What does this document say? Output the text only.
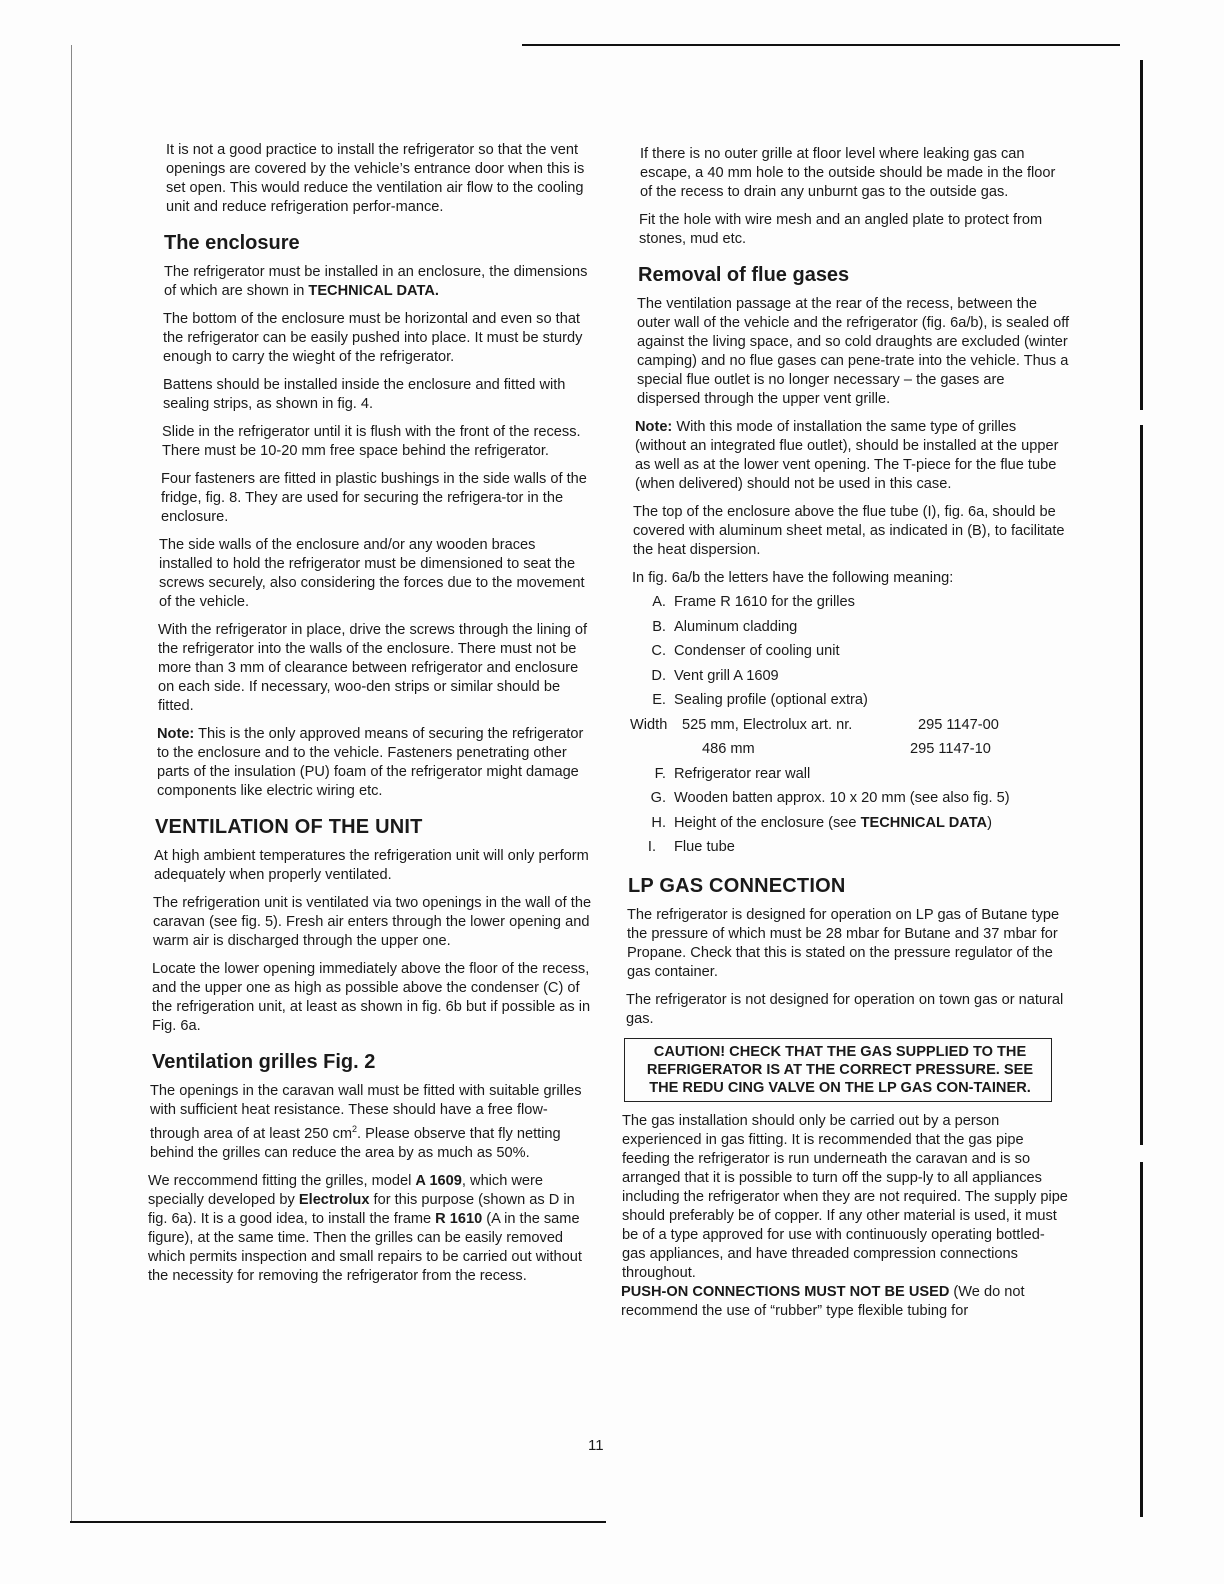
It is not a good practice to install the refrigerator so that the vent openings are covered by the vehicle’s entrance door when this is set open. This would reduce the ventilation air flow to the cooling unit and reduce refrigeration perfor-mance.

The enclosure

The refrigerator must be installed in an enclosure, the dimensions of which are shown in TECHNICAL DATA.

The bottom of the enclosure must be horizontal and even so that the refrigerator can be easily pushed into place. It must be sturdy enough to carry the wieght of the refrigerator.

Battens should be installed inside the enclosure and fitted with sealing strips, as shown in fig. 4.

Slide in the refrigerator until it is flush with the front of the recess. There must be 10-20 mm free space behind the refrigerator.

Four fasteners are fitted in plastic bushings in the side walls of the fridge, fig. 8. They are used for securing the refrigera-tor in the enclosure.

The side walls of the enclosure and/or any wooden braces installed to hold the refrigerator must be dimensioned to seat the screws securely, also considering the forces due to the movement of the vehicle.

With the refrigerator in place, drive the screws through the lining of the refrigerator into the walls of the enclosure. There must not be more than 3 mm of clearance between refrigerator and enclosure on each side. If necessary, woo-den strips or similar should be fitted.

Note: This is the only approved means of securing the refrigerator to the enclosure and to the vehicle. Fasteners penetrating other parts of the insulation (PU) foam of the refrigerator might damage components like electric wiring etc.

VENTILATION OF THE UNIT

At high ambient temperatures the refrigeration unit will only perform adequately when properly ventilated.

The refrigeration unit is ventilated via two openings in the wall of the caravan (see fig. 5). Fresh air enters through the lower opening and warm air is discharged through the upper one.

Locate the lower opening immediately above the floor of the recess, and the upper one as high as possible above the condenser (C) of the refrigeration unit, at least as shown in fig. 6b but if possible as in Fig. 6a.

Ventilation grilles Fig. 2

The openings in the caravan wall must be fitted with suitable grilles with sufficient heat resistance. These should have a free flow-through area of at least 250 $cm^2$. Please observe that fly netting behind the grilles can reduce the area by as much as 50%.

We reccommend fitting the grilles, model A 1609, which were specially developed by Electrolux for this purpose (shown as D in fig. 6a). It is a good idea, to install the frame R 1610 (A in the same figure), at the same time. Then the grilles can be easily removed which permits inspection and small repairs to be carried out without the necessity for removing the refrigerator from the recess.

If there is no outer grille at floor level where leaking gas can escape, a 40 mm hole to the outside should be made in the floor of the recess to drain any unburnt gas to the outside gas.

Fit the hole with wire mesh and an angled plate to protect from stones, mud etc.

Removal of flue gases

The ventilation passage at the rear of the recess, between the outer wall of the vehicle and the refrigerator (fig. 6a/b), is sealed off against the living space, and so cold draughts are excluded (winter camping) and no flue gases can pene-trate into the vehicle. Thus a special flue outlet is no longer necessary – the gases are dispersed through the upper vent grille.

Note: With this mode of installation the same type of grilles (without an integrated flue outlet), should be installed at the upper as well as at the lower vent opening. The T-piece for the flue tube (when delivered) should not be used in this case.

The top of the enclosure above the flue tube (I), fig. 6a, should be covered with aluminum sheet metal, as indicated in (B), to facilitate the heat dispersion.

In fig. 6a/b the letters have the following meaning:

A. Frame R 1610 for the grilles
B. Aluminum cladding
C. Condenser of cooling unit
D. Vent grill A 1609
E. Sealing profile (optional extra)
Width	525 mm, Electrolux art. nr.	295 1147-00
486 mm	295 1147-10
F. Refrigerator rear wall
G. Wooden batten approx. 10 x 20 mm (see also fig. 5)
H. Height of the enclosure (see TECHNICAL DATA)
I.	Flue tube
LP GAS CONNECTION

The refrigerator is designed for operation on LP gas of Butane type the pressure of which must be 28 mbar for Butane and 37 mbar for Propane. Check that this is stated on the pressure regulator of the gas container.

The refrigerator is not designed for operation on town gas or natural gas.

CAUTION! CHECK THAT THE GAS SUPPLIED TO THE REFRIGERATOR IS AT THE CORRECT PRESSURE. SEE THE REDU CING VALVE ON THE LP GAS CON-TAINER.

The gas installation should only be carried out by a person experienced in gas fitting. It is recommended that the gas pipe feeding the refrigerator is run underneath the caravan and is so arranged that it is possible to turn off the supp-ly to all appliances including the refrigerator when they are not required. The supply pipe should preferably be of copper. If any other material is used, it must be of a type approved for use with continuously operating bottled- gas appliances, and have threaded compression connections throughout.

PUSH-ON CONNECTIONS MUST NOT BE USED (We do not recommend the use of “rubber” type flexible tubing for

11
